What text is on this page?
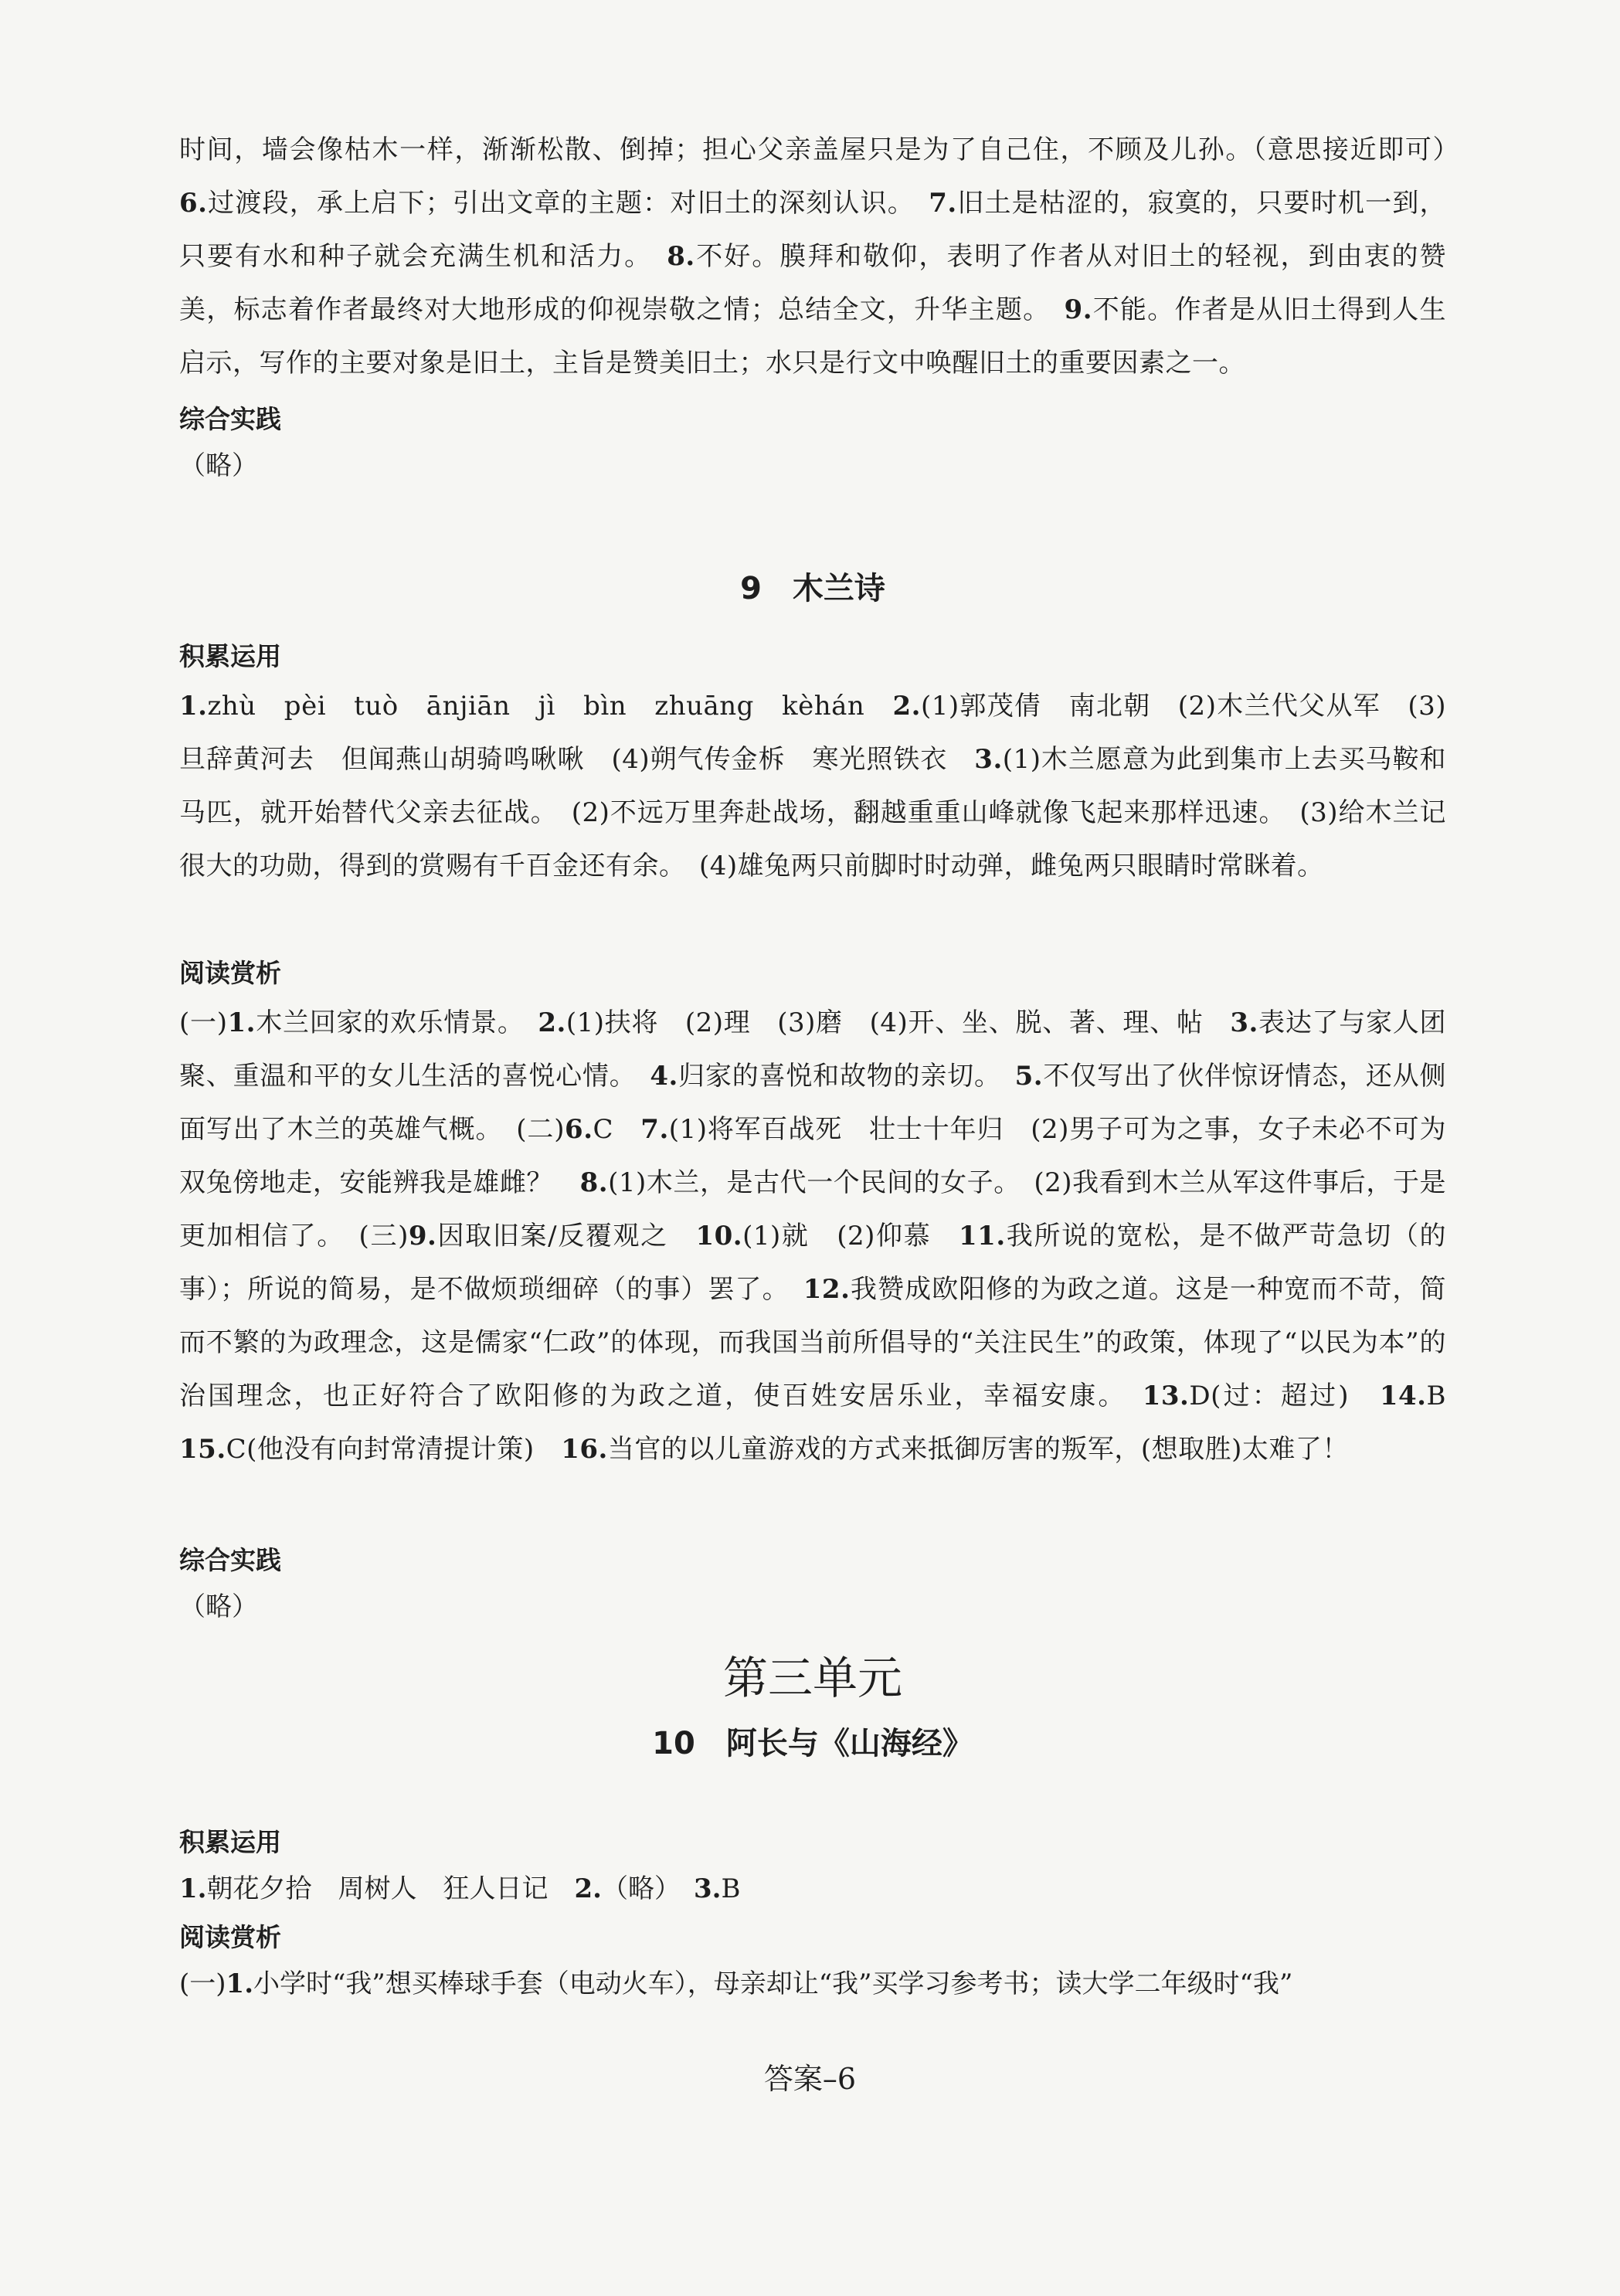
时间，墙会像枯木一样，渐渐松散、倒掉；担心父亲盖屋只是为了自己住，不顾及儿孙。（意思接近即可）　6.过渡段，承上启下；引出文章的主题：对旧土的深刻认识。　 7.旧土是枯涩的，寂寞的，只要时机一到，只要有水和种子就会充满生机和活力。　 8.不好。膜拜和敬仰，表明了作者从对旧土的轻视，到由衷的赞美，标志着作者最终对大地形成的仰视崇敬之情；总结全文，升华主题。　 9.不能。作者是从旧土得到人生启示，写作的主要对象是旧土，主旨是赞美旧土；水只是行文中唤醒旧土的重要因素之一。

综合实践

（略）

9　木兰诗

积累运用

1.zhù　pèi　tuò　ānjiān　jì　bìn　zhuāng　kèhán　 2.(1)郭茂倩　南北朝　(2)木兰代父从军　(3)旦辞黄河去　但闻燕山胡骑鸣啾啾　(4)朔气传金柝　寒光照铁衣　 3.(1)木兰愿意为此到集市上去买马鞍和马匹，就开始替代父亲去征战。　(2)不远万里奔赴战场，翻越重重山峰就像飞起来那样迅速。　(3)给木兰记很大的功勋，得到的赏赐有千百金还有余。　(4)雄兔两只前脚时时动弹，雌兔两只眼睛时常眯着。

阅读赏析

(一)1.木兰回家的欢乐情景。　 2.(1)扶将　(2)理　(3)磨　(4)开、坐、脱、著、理、帖　 3.表达了与家人团聚、重温和平的女儿生活的喜悦心情。　 4.归家的喜悦和故物的亲切。　 5.不仅写出了伙伴惊讶情态，还从侧面写出了木兰的英雄气概。　 (二)6.C　 7.(1)将军百战死　壮士十年归　(2)男子可为之事，女子未必不可为　双兔傍地走，安能辨我是雄雌？　 8.(1)木兰，是古代一个民间的女子。　(2)我看到木兰从军这件事后，于是更加相信了。　 (三)9.因取旧案/反覆观之　 10.(1)就　(2)仰慕　 11.我所说的宽松，是不做严苛急切（的事）；所说的简易，是不做烦琐细碎（的事）罢了。　 12.我赞成欧阳修的为政之道。这是一种宽而不苛，简而不繁的为政理念，这是儒家“仁政”的体现，而我国当前所倡导的“关注民生”的政策，体现了“以民为本”的治国理念，也正好符合了欧阳修的为政之道，使百姓安居乐业，幸福安康。　 13.D(过：超过)　 14.B　15.C(他没有向封常清提计策)　 16.当官的以儿童游戏的方式来抵御厉害的叛军，(想取胜)太难了！

综合实践

（略）

第三单元

10　阿长与《山海经》

积累运用

1.朝花夕拾　周树人　狂人日记　 2.（略）　 3.B

阅读赏析

(一)1.小学时“我”想买棒球手套（电动火车），母亲却让“我”买学习参考书；读大学二年级时“我”

答案–6
